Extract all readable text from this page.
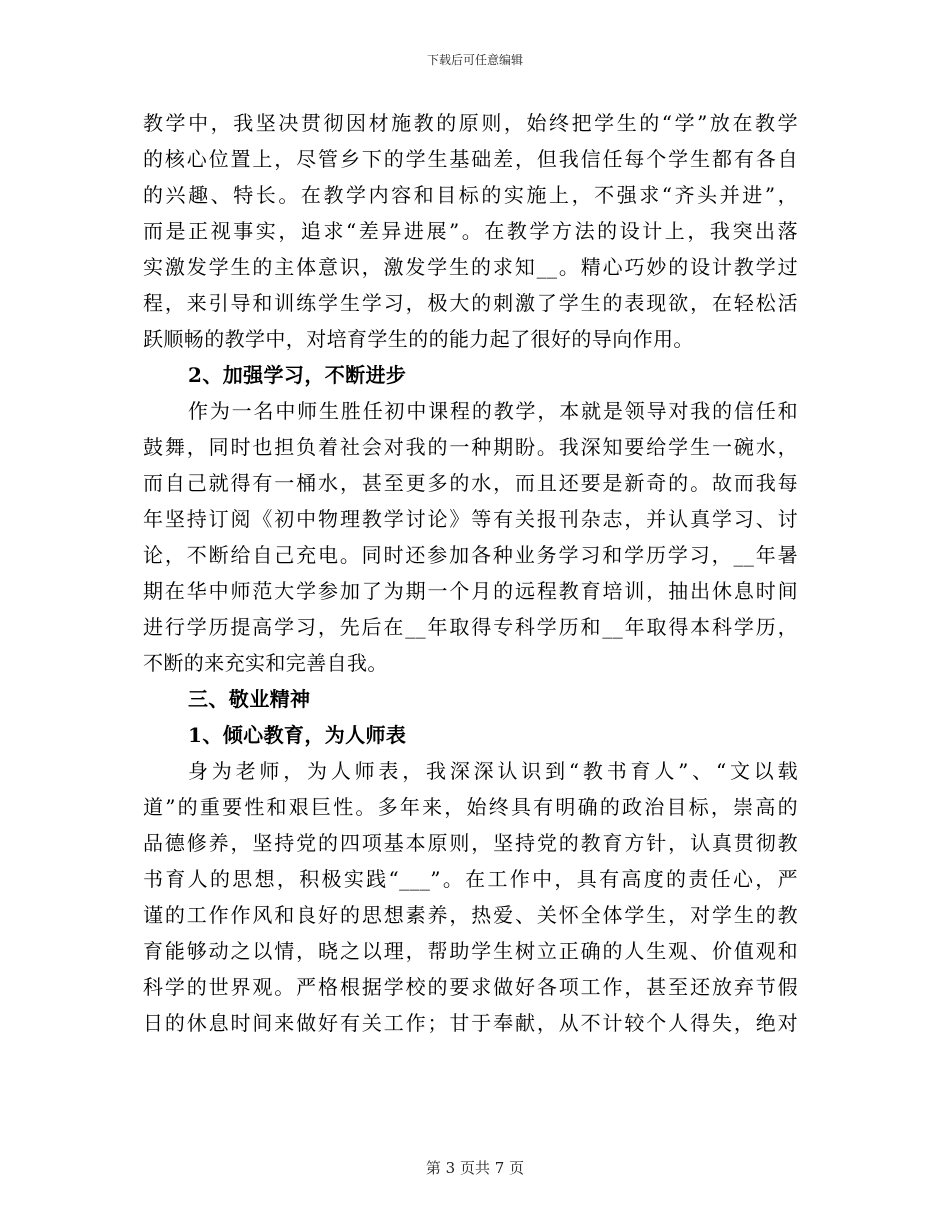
下载后可任意编辑
教学中，我坚决贯彻因材施教的原则，始终把学生的“学”放在教学
的核心位置上，尽管乡下的学生基础差，但我信任每个学生都有各自
的兴趣、特长。在教学内容和目标的实施上，不强求“齐头并进”，
而是正视事实，追求“差异进展”。在教学方法的设计上，我突出落
实激发学生的主体意识，激发学生的求知__。精心巧妙的设计教学过
程，来引导和训练学生学习，极大的刺激了学生的表现欲，在轻松活
跃顺畅的教学中，对培育学生的的能力起了很好的导向作用。
2、加强学习，不断进步
作为一名中师生胜任初中课程的教学，本就是领导对我的信任和
鼓舞，同时也担负着社会对我的一种期盼。我深知要给学生一碗水，
而自己就得有一桶水，甚至更多的水，而且还要是新奇的。故而我每
年坚持订阅《初中物理教学讨论》等有关报刊杂志，并认真学习、讨
论，不断给自己充电。同时还参加各种业务学习和学历学习，__年暑
期在华中师范大学参加了为期一个月的远程教育培训，抽出休息时间
进行学历提高学习，先后在__年取得专科学历和__年取得本科学历，
不断的来充实和完善自我。
三、敬业精神
1、倾心教育，为人师表
身为老师，为人师表，我深深认识到“教书育人”、“文以载
道”的重要性和艰巨性。多年来，始终具有明确的政治目标，崇高的
品德修养，坚持党的四项基本原则，坚持党的教育方针，认真贯彻教
书育人的思想，积极实践“___”。在工作中，具有高度的责任心，严
谨的工作作风和良好的思想素养，热爱、关怀全体学生，对学生的教
育能够动之以情，晓之以理，帮助学生树立正确的人生观、价值观和
科学的世界观。严格根据学校的要求做好各项工作，甚至还放弃节假
日的休息时间来做好有关工作；甘于奉献，从不计较个人得失，绝对
第 3 页共 7 页
